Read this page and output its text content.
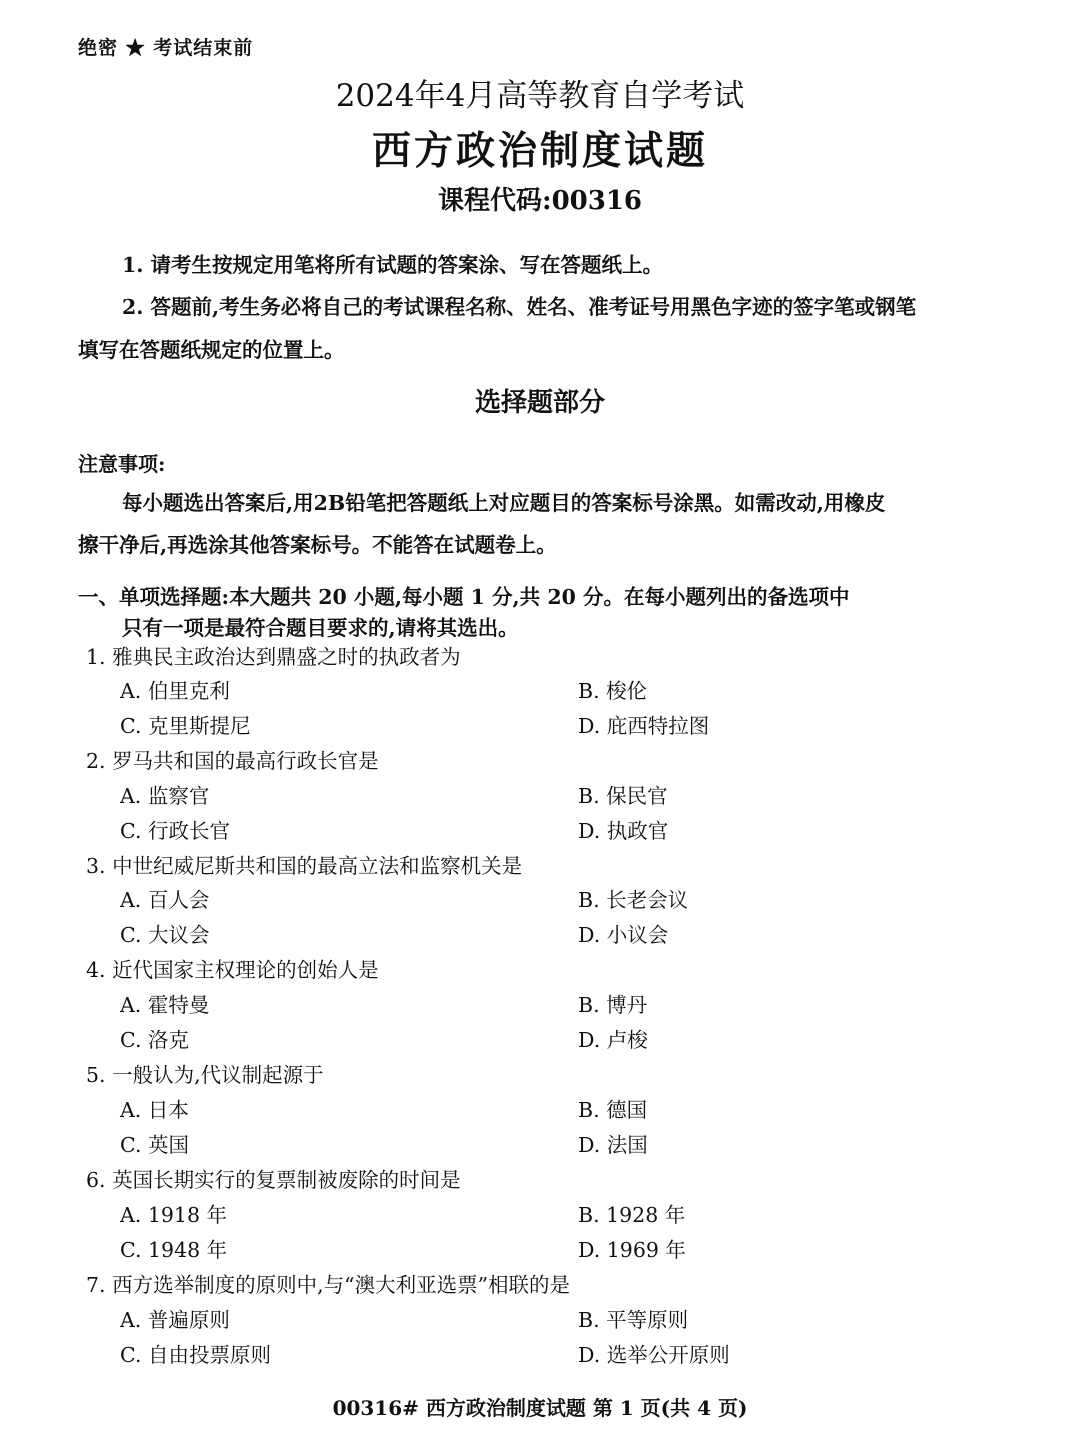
绝密 ★ 考试结束前
2024年4月高等教育自学考试
西方政治制度试题
课程代码:00316
1. 请考生按规定用笔将所有试题的答案涂、写在答题纸上。
2. 答题前,考生务必将自己的考试课程名称、姓名、准考证号用黑色字迹的签字笔或钢笔
填写在答题纸规定的位置上。
选择题部分
注意事项:
每小题选出答案后,用2B铅笔把答题纸上对应题目的答案标号涂黑。如需改动,用橡皮
擦干净后,再选涂其他答案标号。不能答在试题卷上。
一、单项选择题:本大题共 20 小题,每小题 1 分,共 20 分。在每小题列出的备选项中
只有一项是最符合题目要求的,请将其选出。
1. 雅典民主政治达到鼎盛之时的执政者为
A. 伯里克利	B. 梭伦
C. 克里斯提尼	D. 庇西特拉图
2. 罗马共和国的最高行政长官是
A. 监察官	B. 保民官
C. 行政长官	D. 执政官
3. 中世纪威尼斯共和国的最高立法和监察机关是
A. 百人会	B. 长老会议
C. 大议会	D. 小议会
4. 近代国家主权理论的创始人是
A. 霍特曼	B. 博丹
C. 洛克	D. 卢梭
5. 一般认为,代议制起源于
A. 日本	B. 德国
C. 英国	D. 法国
6. 英国长期实行的复票制被废除的时间是
A. 1918 年	B. 1928 年
C. 1948 年	D. 1969 年
7. 西方选举制度的原则中,与“澳大利亚选票”相联的是
A. 普遍原则	B. 平等原则
C. 自由投票原则	D. 选举公开原则
00316# 西方政治制度试题 第 1 页(共 4 页)
